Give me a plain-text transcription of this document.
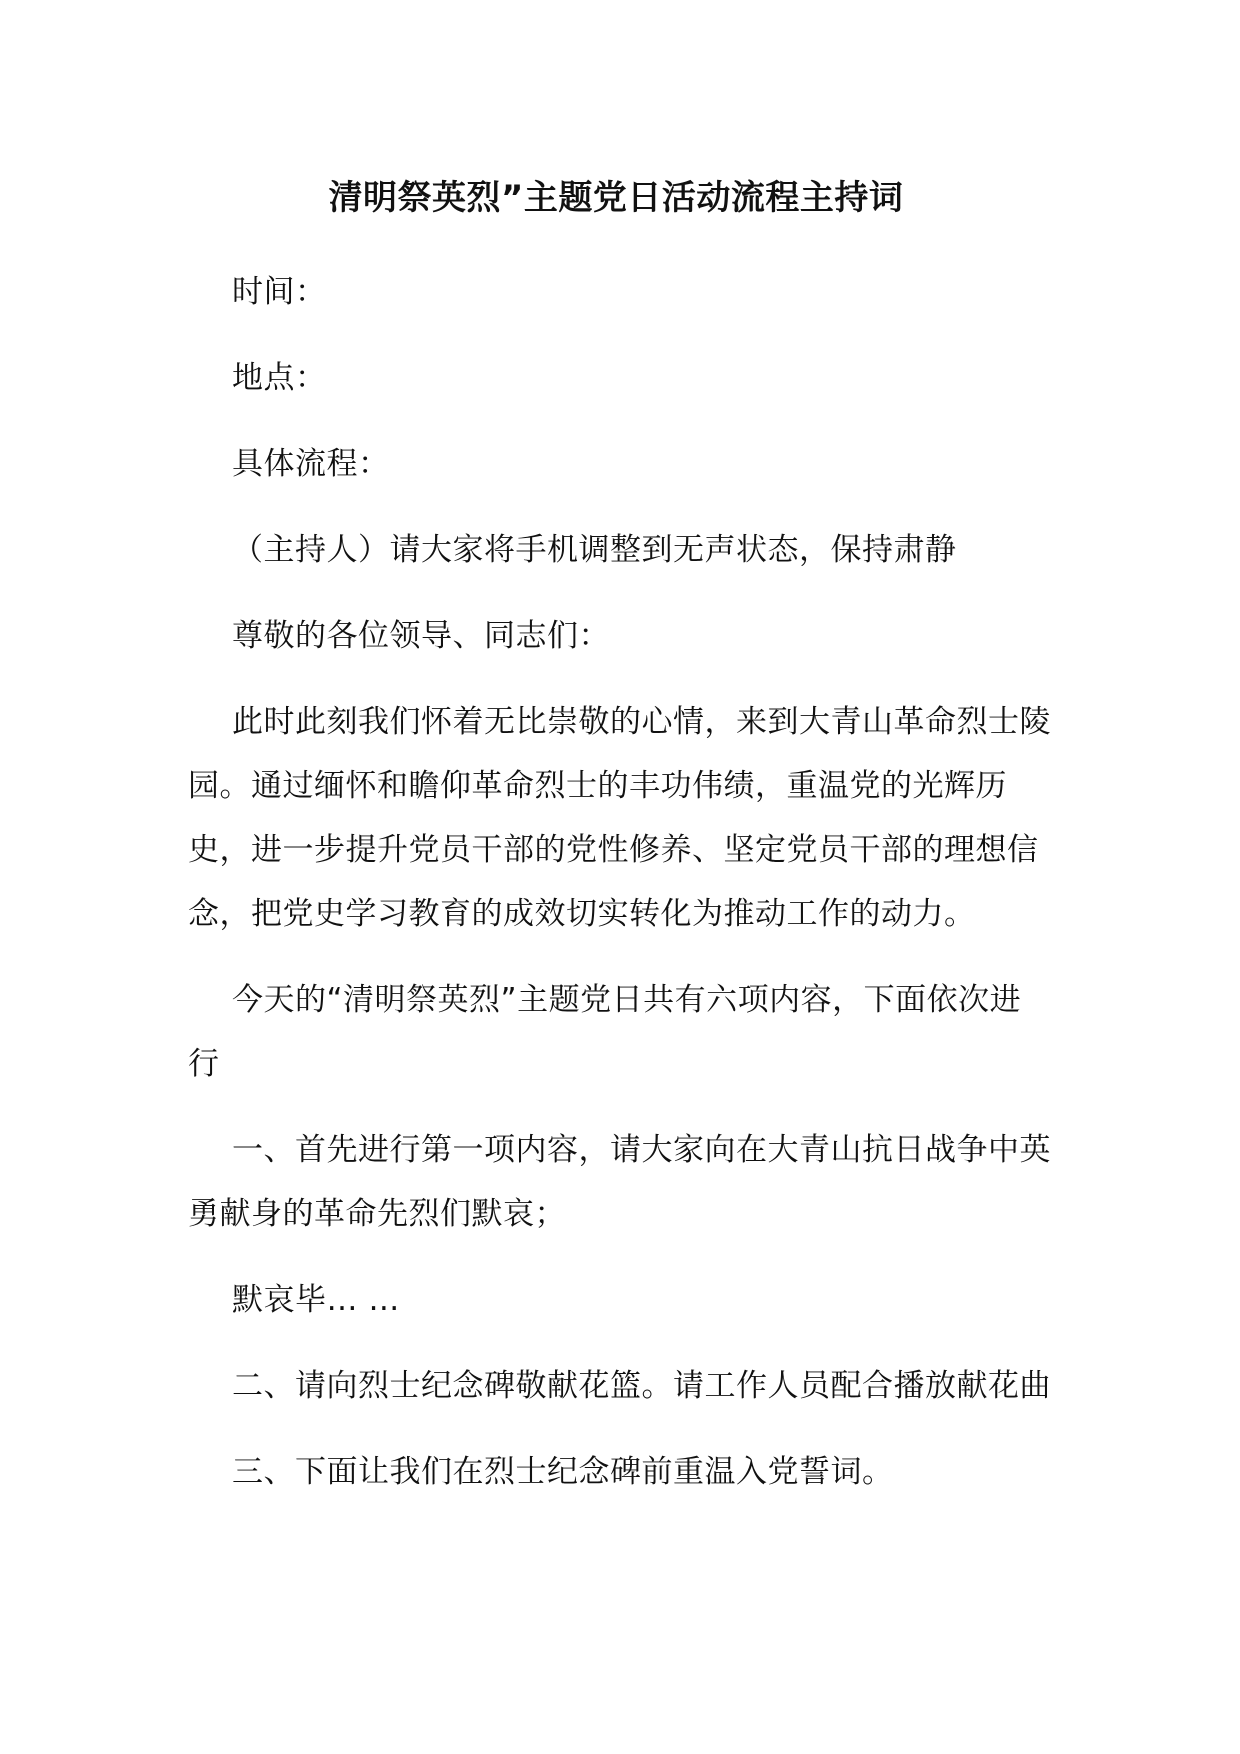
清明祭英烈”主题党日活动流程主持词

时间：

地点：

具体流程：

（主持人）请大家将手机调整到无声状态，保持肃静

尊敬的各位领导、同志们：

此时此刻我们怀着无比崇敬的心情，来到大青山革命烈士陵园。通过缅怀和瞻仰革命烈士的丰功伟绩，重温党的光辉历史，进一步提升党员干部的党性修养、坚定党员干部的理想信念，把党史学习教育的成效切实转化为推动工作的动力。

今天的“清明祭英烈”主题党日共有六项内容，下面依次进行

一、首先进行第一项内容，请大家向在大青山抗日战争中英勇献身的革命先烈们默哀；

默哀毕… …

二、请向烈士纪念碑敬献花篮。请工作人员配合播放献花曲

三、下面让我们在烈士纪念碑前重温入党誓词。
